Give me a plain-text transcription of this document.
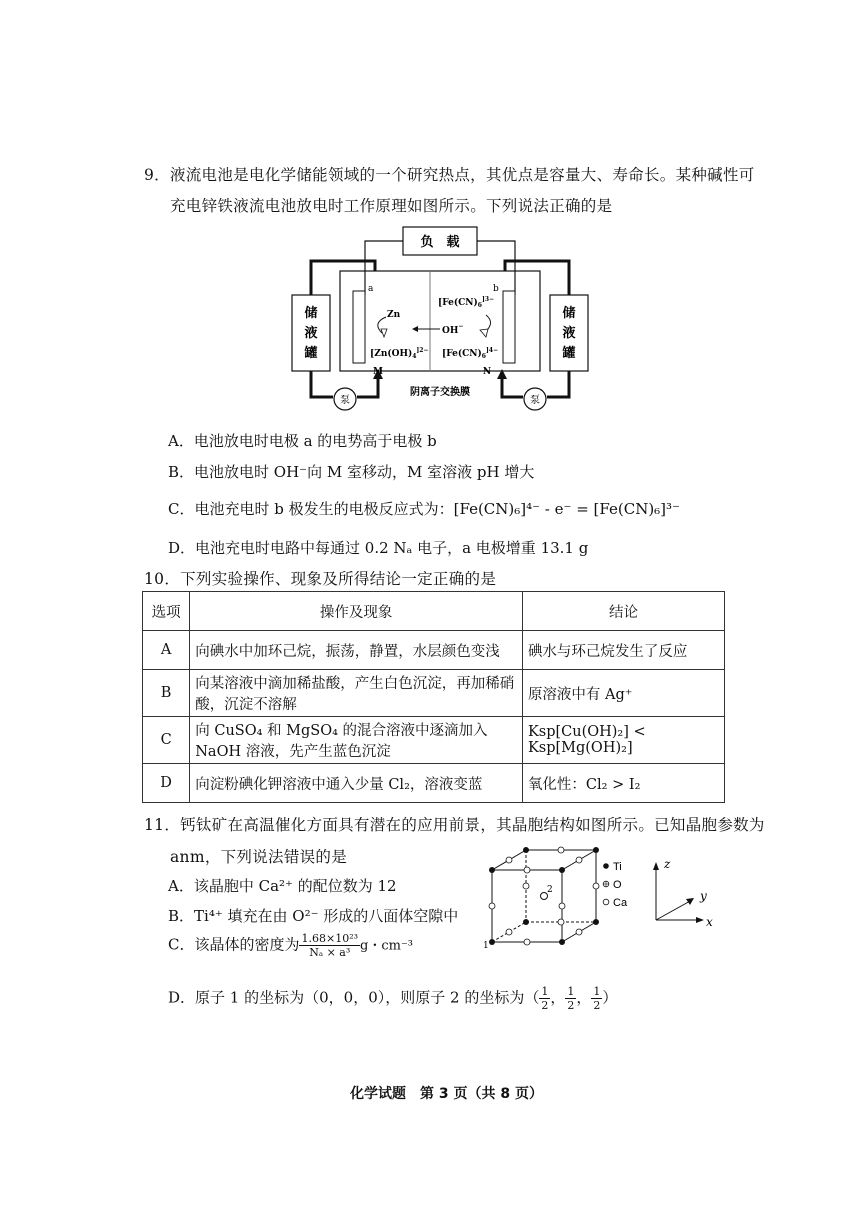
9．液流电池是电化学储能领域的一个研究热点，其优点是容量大、寿命长。某种碱性可
充电锌铁液流电池放电时工作原理如图所示。下列说法正确的是
负　载
a	b
储
液
罐
储
液
罐
泵	泵
阴离子交换膜
M	N
Zn
[$Zn(OH)_4^{]2-}$
OH−
[$Fe(CN)_6^{]3-}$
[$Fe(CN)_6^{]4-}$
A．电池放电时电极 a 的电势高于电极 b
B．电池放电时 OH⁻向 M 室移动，M 室溶液 pH 增大
C．电池充电时 b 极发生的电极反应式为：[Fe(CN)₆]⁴⁻ - e⁻ = [Fe(CN)₆]³⁻
D．电池充电时电路中每通过 0.2 Nₐ 电子，a 电极增重 13.1 g
10．下列实验操作、现象及所得结论一定正确的是
选项	操作及现象	结论
A	向碘水中加环己烷，振荡，静置，水层颜色变浅	碘水与环己烷发生了反应
B	向某溶液中滴加稀盐酸，产生白色沉淀，再加稀硝酸，沉淀不溶解	原溶液中有 Ag⁺
C	向 CuSO₄ 和 MgSO₄ 的混合溶液中逐滴加入 NaOH 溶液，先产生蓝色沉淀	Ksp[Cu(OH)₂] < Ksp[Mg(OH)₂]
D	向淀粉碘化钾溶液中通入少量 Cl₂，溶液变蓝	氧化性：Cl₂ > I₂
11．钙钛矿在高温催化方面具有潜在的应用前景，其晶胞结构如图所示。已知晶胞参数为
anm，下列说法错误的是
A．该晶胞中 Ca²⁺ 的配位数为 12
B．Ti⁴⁺ 填充在由 O²⁻ 形成的八面体空隙中
C．该晶体的密度为 $\frac{\text{1.68×10²³}}{\text{Nₐ × a³}}$ g・cm⁻³
D．原子 1 的坐标为（0，0，0），则原子 2 的坐标为（ $\frac{1}{2}$ ， $\frac{1}{2}$ ， $\frac{1}{2}$ ）
2
1
Ti
O
Ca
z
y
x
化学试题　第 3 页（共 8 页）
